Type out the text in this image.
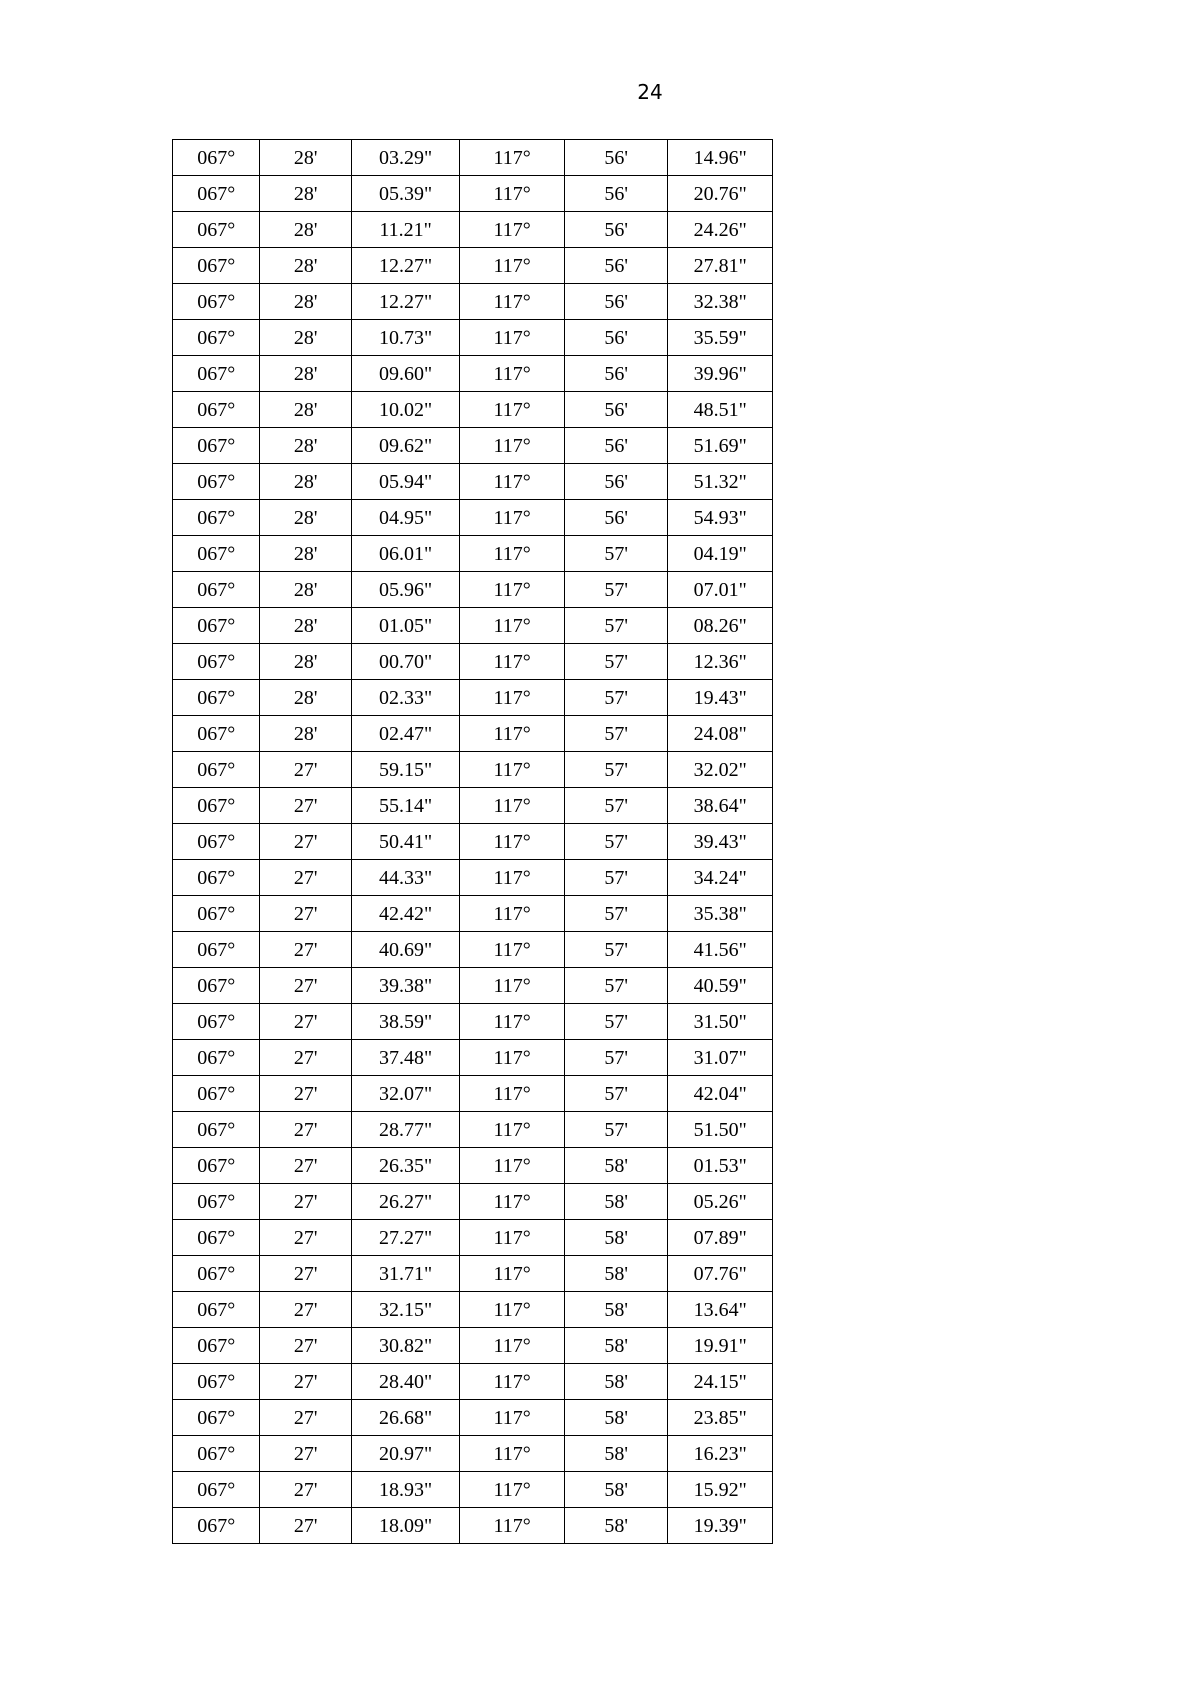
24
067°	28'	03.29"	117°	56'	14.96"
067°	28'	05.39"	117°	56'	20.76"
067°	28'	11.21"	117°	56'	24.26"
067°	28'	12.27"	117°	56'	27.81"
067°	28'	12.27"	117°	56'	32.38"
067°	28'	10.73"	117°	56'	35.59"
067°	28'	09.60"	117°	56'	39.96"
067°	28'	10.02"	117°	56'	48.51"
067°	28'	09.62"	117°	56'	51.69"
067°	28'	05.94"	117°	56'	51.32"
067°	28'	04.95"	117°	56'	54.93"
067°	28'	06.01"	117°	57'	04.19"
067°	28'	05.96"	117°	57'	07.01"
067°	28'	01.05"	117°	57'	08.26"
067°	28'	00.70"	117°	57'	12.36"
067°	28'	02.33"	117°	57'	19.43"
067°	28'	02.47"	117°	57'	24.08"
067°	27'	59.15"	117°	57'	32.02"
067°	27'	55.14"	117°	57'	38.64"
067°	27'	50.41"	117°	57'	39.43"
067°	27'	44.33"	117°	57'	34.24"
067°	27'	42.42"	117°	57'	35.38"
067°	27'	40.69"	117°	57'	41.56"
067°	27'	39.38"	117°	57'	40.59"
067°	27'	38.59"	117°	57'	31.50"
067°	27'	37.48"	117°	57'	31.07"
067°	27'	32.07"	117°	57'	42.04"
067°	27'	28.77"	117°	57'	51.50"
067°	27'	26.35"	117°	58'	01.53"
067°	27'	26.27"	117°	58'	05.26"
067°	27'	27.27"	117°	58'	07.89"
067°	27'	31.71"	117°	58'	07.76"
067°	27'	32.15"	117°	58'	13.64"
067°	27'	30.82"	117°	58'	19.91"
067°	27'	28.40"	117°	58'	24.15"
067°	27'	26.68"	117°	58'	23.85"
067°	27'	20.97"	117°	58'	16.23"
067°	27'	18.93"	117°	58'	15.92"
067°	27'	18.09"	117°	58'	19.39"
